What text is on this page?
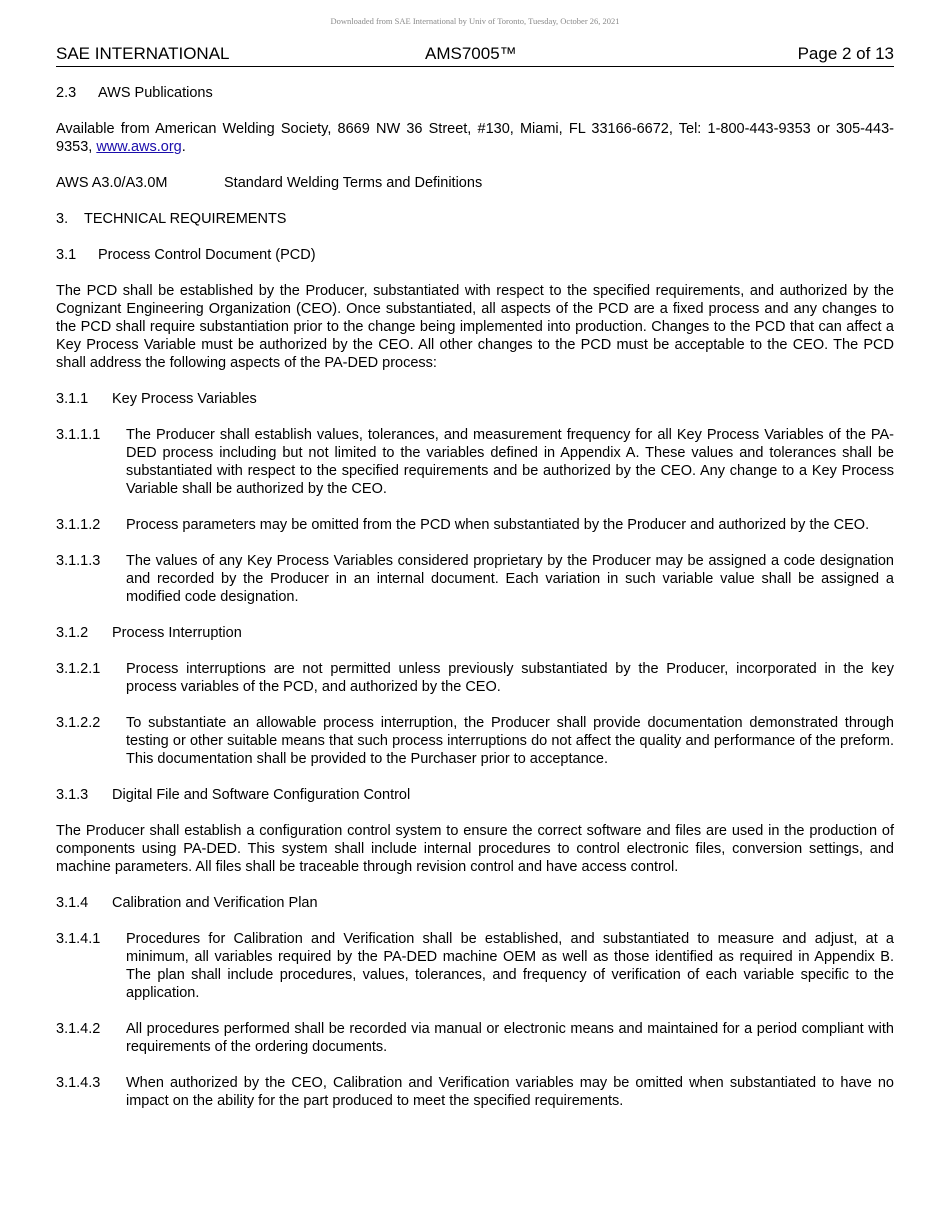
Downloaded from SAE International by Univ of Toronto, Tuesday, October 26, 2021
SAE INTERNATIONAL	AMS7005™	Page 2 of 13
2.3 AWS Publications

Available from American Welding Society, 8669 NW 36 Street, #130, Miami, FL 33166-6672, Tel: 1-800-443-9353 or 305-443-9353, www.aws.org.

AWS A3.0/A3.0M	Standard Welding Terms and Definitions
3. TECHNICAL REQUIREMENTS
3.1 Process Control Document (PCD)

The PCD shall be established by the Producer, substantiated with respect to the specified requirements, and authorized by the Cognizant Engineering Organization (CEO). Once substantiated, all aspects of the PCD are a fixed process and any changes to the PCD shall require substantiation prior to the change being implemented into production. Changes to the PCD that can affect a Key Process Variable must be authorized by the CEO. All other changes to the PCD must be acceptable to the CEO. The PCD shall address the following aspects of the PA-DED process:

3.1.1 Key Process Variables
3.1.1.1	The Producer shall establish values, tolerances, and measurement frequency for all Key Process Variables of the PA-DED process including but not limited to the variables defined in Appendix A. These values and tolerances shall be substantiated with respect to the specified requirements and be authorized by the CEO. Any change to a Key Process Variable shall be authorized by the CEO.
3.1.1.2	Process parameters may be omitted from the PCD when substantiated by the Producer and authorized by the CEO.
3.1.1.3	The values of any Key Process Variables considered proprietary by the Producer may be assigned a code designation and recorded by the Producer in an internal document. Each variation in such variable value shall be assigned a modified code designation.
3.1.2 Process Interruption
3.1.2.1	Process interruptions are not permitted unless previously substantiated by the Producer, incorporated in the key process variables of the PCD, and authorized by the CEO.
3.1.2.2	To substantiate an allowable process interruption, the Producer shall provide documentation demonstrated through testing or other suitable means that such process interruptions do not affect the quality and performance of the preform. This documentation shall be provided to the Purchaser prior to acceptance.
3.1.3 Digital File and Software Configuration Control

The Producer shall establish a configuration control system to ensure the correct software and files are used in the production of components using PA-DED. This system shall include internal procedures to control electronic files, conversion settings, and machine parameters. All files shall be traceable through revision control and have access control.

3.1.4 Calibration and Verification Plan
3.1.4.1	Procedures for Calibration and Verification shall be established, and substantiated to measure and adjust, at a minimum, all variables required by the PA-DED machine OEM as well as those identified as required in Appendix B. The plan shall include procedures, values, tolerances, and frequency of verification of each variable specific to the application.
3.1.4.2	All procedures performed shall be recorded via manual or electronic means and maintained for a period compliant with requirements of the ordering documents.
3.1.4.3	When authorized by the CEO, Calibration and Verification variables may be omitted when substantiated to have no impact on the ability for the part produced to meet the specified requirements.
